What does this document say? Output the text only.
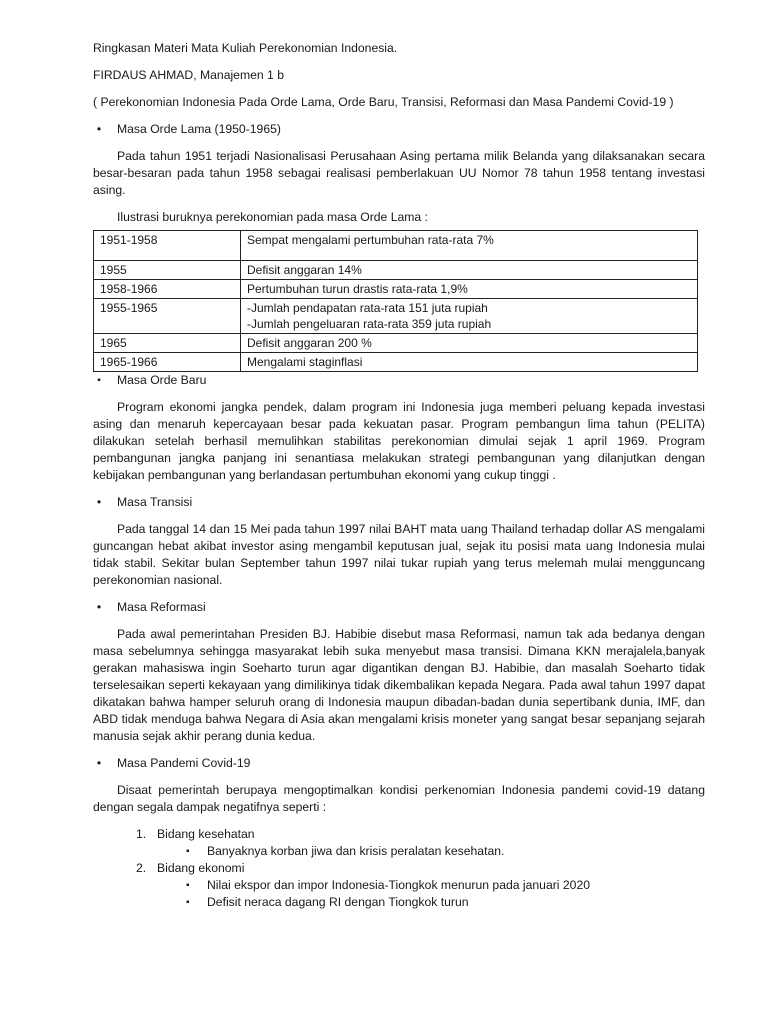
Ringkasan Materi Mata Kuliah Perekonomian Indonesia.

FIRDAUS AHMAD, Manajemen 1 b

( Perekonomian Indonesia Pada Orde Lama, Orde Baru, Transisi, Reformasi dan Masa Pandemi Covid-19 )

•	Masa Orde Lama (1950-1965)

Pada tahun 1951 terjadi Nasionalisasi Perusahaan Asing pertama milik Belanda yang dilaksanakan secara besar-besaran pada tahun 1958 sebagai realisasi pemberlakuan UU Nomor 78 tahun 1958 tentang investasi asing.

Ilustrasi buruknya perekonomian pada masa Orde Lama :

1951-1958	Sempat mengalami pertumbuhan rata-rata 7%
1955	Defisit anggaran 14%
1958-1966	Pertumbuhan turun drastis rata-rata 1,9%
1955-1965	-Jumlah pendapatan rata-rata 151 juta rupiah
-Jumlah pengeluaran rata-rata 359 juta rupiah

1965	Defisit anggaran 200 %
1965-1966	Mengalami staginflasi
▪	Masa Orde Baru

Program ekonomi jangka pendek, dalam program ini Indonesia juga memberi peluang kepada investasi asing dan menaruh kepercayaan besar pada kekuatan pasar. Program pembangun lima tahun (PELITA) dilakukan setelah berhasil memulihkan stabilitas perekonomian dimulai sejak 1 april 1969. Program pembangunan jangka panjang ini senantiasa melakukan strategi pembangunan yang dilanjutkan dengan kebijakan pembangunan yang berlandasan pertumbuhan ekonomi yang cukup tinggi .

•	Masa Transisi

Pada tanggal 14 dan 15 Mei pada tahun 1997 nilai BAHT mata uang Thailand terhadap dollar AS mengalami guncangan hebat akibat investor asing mengambil keputusan jual, sejak itu posisi mata uang Indonesia mulai tidak stabil. Sekitar bulan September tahun 1997 nilai tukar rupiah yang terus melemah mulai mengguncang perekonomian nasional.

•	Masa Reformasi

Pada awal pemerintahan Presiden BJ. Habibie disebut masa Reformasi, namun tak ada bedanya dengan masa sebelumnya sehingga masyarakat lebih suka menyebut masa transisi. Dimana KKN merajalela,banyak gerakan mahasiswa ingin Soeharto turun agar digantikan dengan BJ. Habibie, dan masalah Soeharto tidak terselesaikan seperti kekayaan yang dimilikinya tidak dikembalikan kepada Negara. Pada awal tahun 1997 dapat dikatakan bahwa hamper seluruh orang di Indonesia maupun dibadan-badan dunia sepertibank dunia, IMF, dan ABD tidak menduga bahwa Negara di Asia akan mengalami krisis moneter yang sangat besar sepanjang sejarah manusia sejak akhir perang dunia kedua.

•	Masa Pandemi Covid-19

Disaat pemerintah berupaya mengoptimalkan kondisi perkenomian Indonesia pandemi covid-19 datang dengan segala dampak negatifnya seperti :

1. Bidang kesehatan
▪ Banyaknya korban jiwa dan krisis peralatan kesehatan.
2. Bidang ekonomi
▪ Nilai ekspor dan impor Indonesia-Tiongkok menurun pada januari 2020
▪ Defisit neraca dagang RI dengan Tiongkok turun
